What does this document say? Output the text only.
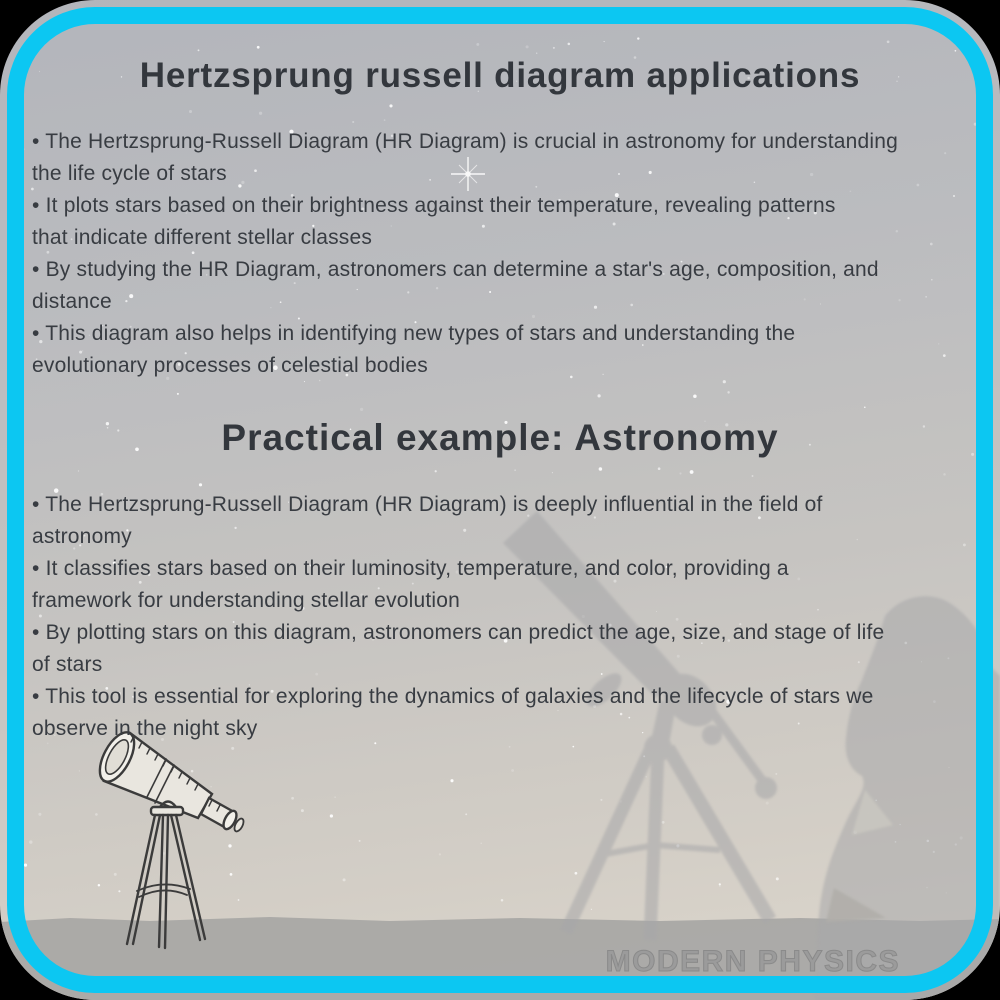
Hertzsprung russell diagram applications
• The Hertzsprung-Russell Diagram (HR Diagram) is crucial in astronomy for understanding
the life cycle of stars
• It plots stars based on their brightness against their temperature, revealing patterns
that indicate different stellar classes
• By studying the HR Diagram, astronomers can determine a star's age, composition, and
distance
• This diagram also helps in identifying new types of stars and understanding the
evolutionary processes of celestial bodies
Practical example: Astronomy
• The Hertzsprung-Russell Diagram (HR Diagram) is deeply influential in the field of
astronomy
• It classifies stars based on their luminosity, temperature, and color, providing a
framework for understanding stellar evolution
• By plotting stars on this diagram, astronomers can predict the age, size, and stage of life
of stars
• This tool is essential for exploring the dynamics of galaxies and the lifecycle of stars we
observe in the night sky
MODERN PHYSICS
